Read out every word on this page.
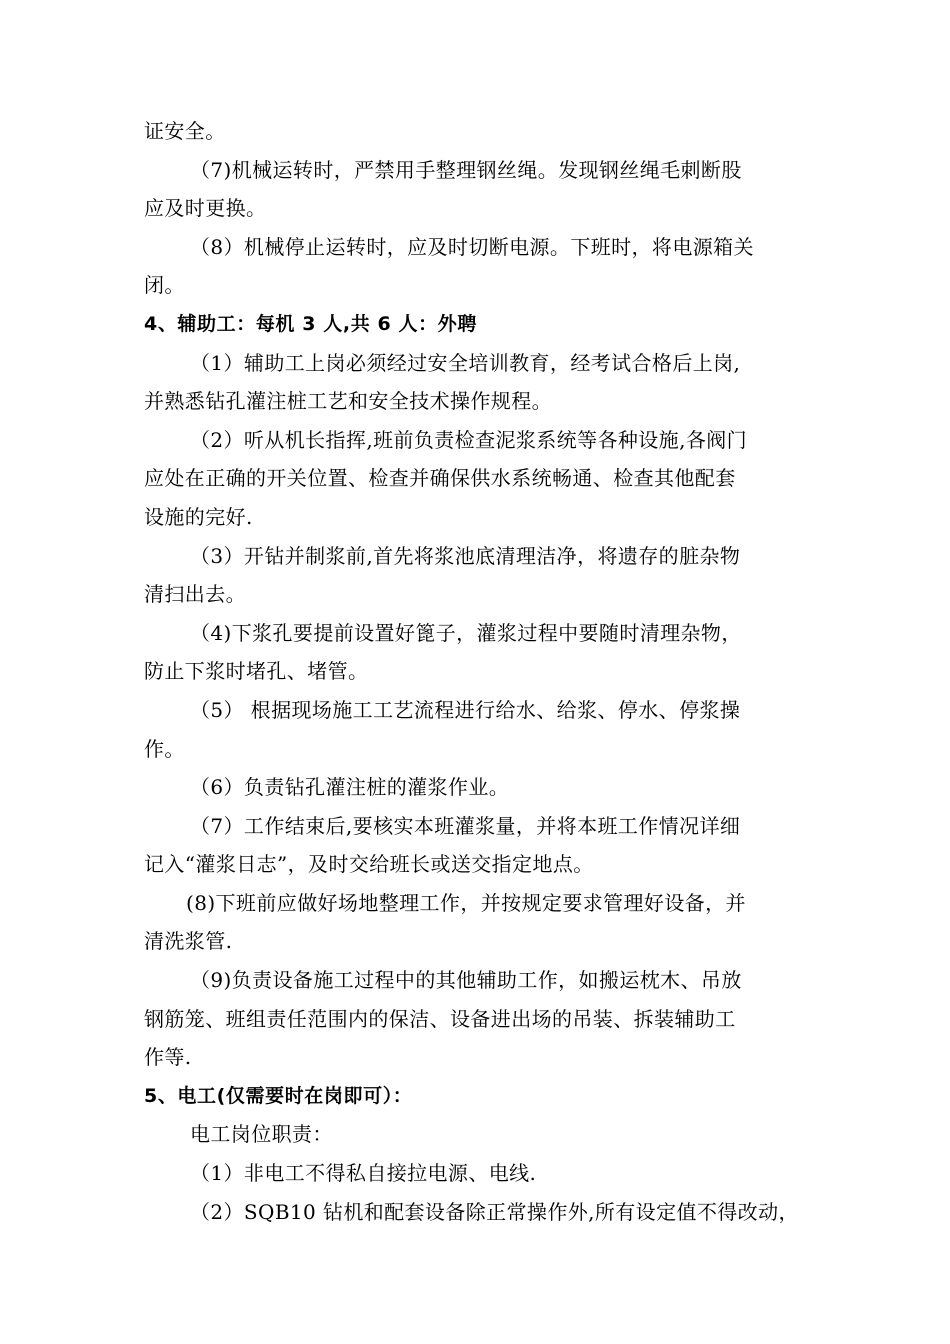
证安全。
（7)机械运转时，严禁用手整理钢丝绳。发现钢丝绳毛刺断股
应及时更换。
（8）机械停止运转时，应及时切断电源。下班时，将电源箱关
闭。
4、辅助工：每机 3 人,共 6 人：外聘
（1）辅助工上岗必须经过安全培训教育，经考试合格后上岗,
并熟悉钻孔灌注桩工艺和安全技术操作规程。
（2）听从机长指挥,班前负责检查泥浆系统等各种设施,各阀门
应处在正确的开关位置、检查并确保供水系统畅通、检查其他配套
设施的完好.
（3）开钻并制浆前,首先将浆池底清理洁净，将遗存的脏杂物
清扫出去。
（4)下浆孔要提前设置好篦子，灌浆过程中要随时清理杂物，
防止下浆时堵孔、堵管。
（5） 根据现场施工工艺流程进行给水、给浆、停水、停浆操
作。
（6）负责钻孔灌注桩的灌浆作业。
（7）工作结束后,要核实本班灌浆量，并将本班工作情况详细
记入“灌浆日志”，及时交给班长或送交指定地点。
(8)下班前应做好场地整理工作，并按规定要求管理好设备，并
清洗浆管.
（9)负责设备施工过程中的其他辅助工作，如搬运枕木、吊放
钢筋笼、班组责任范围内的保洁、设备进出场的吊装、拆装辅助工
作等.
5、电工(仅需要时在岗即可）：
电工岗位职责：
（1）非电工不得私自接拉电源、电线.
（2）SQB10 钻机和配套设备除正常操作外,所有设定值不得改动，
